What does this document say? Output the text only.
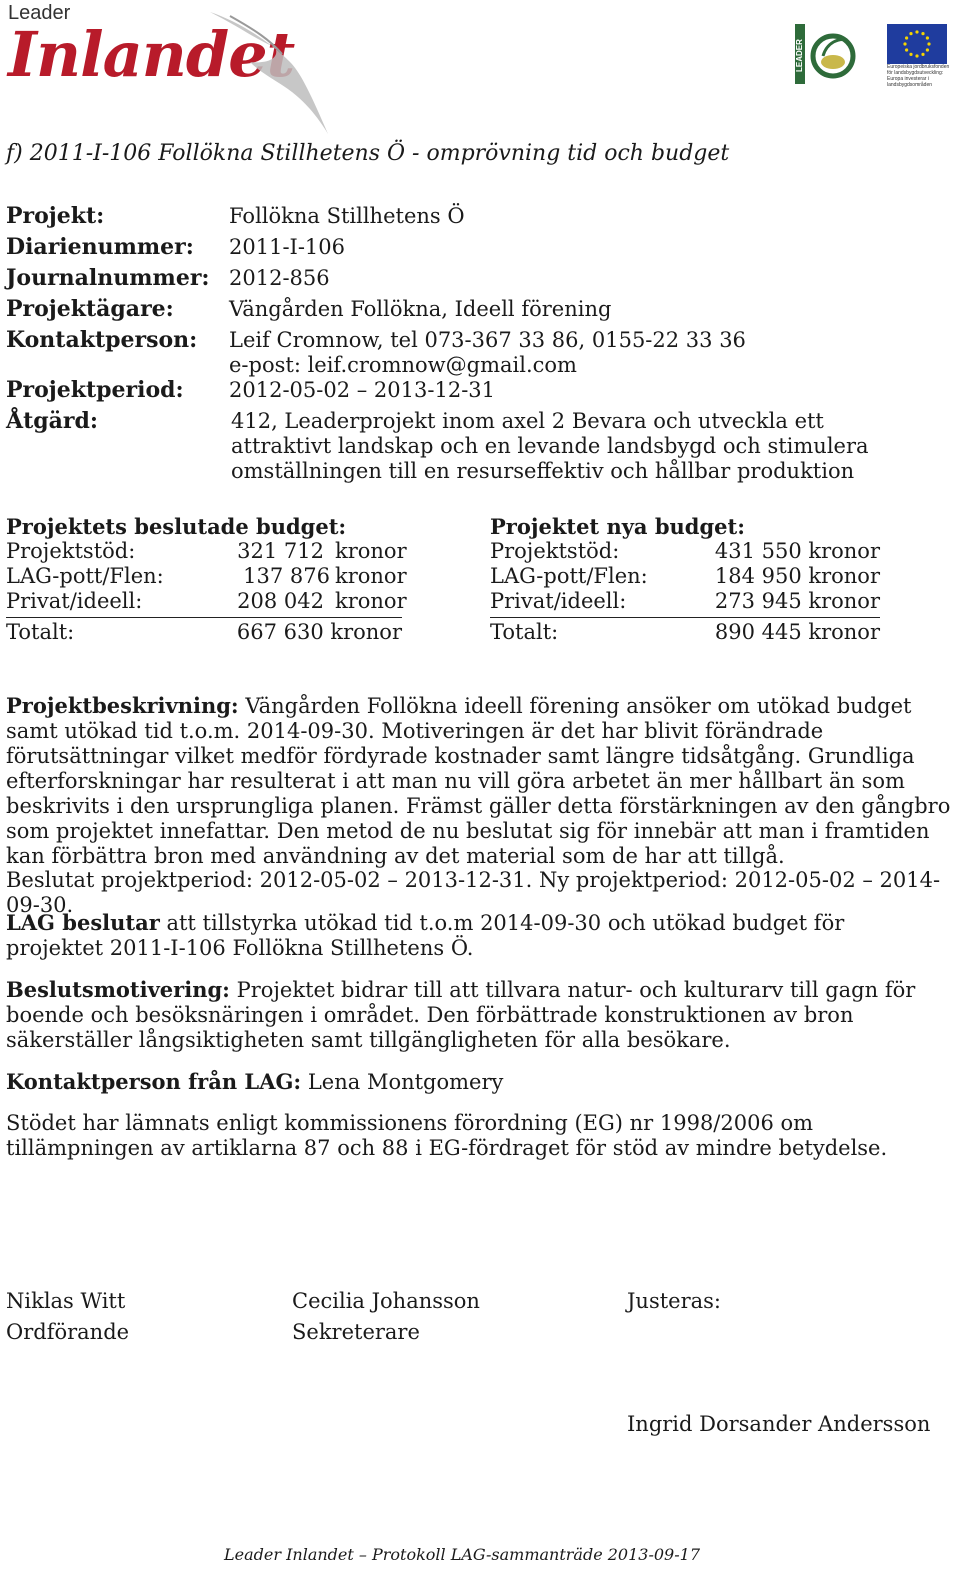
Leader
Inlandet	LEADER	Europeiska jordbruksfonden för landsbygdsutveckling: Europa investerar i landsbygdsområden
f) 2011-I-106 Follökna Stillhetens Ö - omprövning tid och budget
Projekt:	Follökna Stillhetens Ö
Diarienummer: 2011-I-106
Journalnummer: 2012-856
Projektägare:	Vängården Follökna, Ideell förening
Kontaktperson: Leif Cromnow, tel 073-367 33 86, 0155-22 33 36
e-post: leif.cromnow@gmail.com
Projektperiod: 2012-05-02 – 2013-12-31
Åtgärd:	412, Leaderprojekt inom axel 2 Bevara och utveckla ett
attraktivt landskap och en levande landsbygd och stimulera
omställningen till en resurseffektiv och hållbar produktion
Projektets beslutade budget:
Projektstöd:	321 712 kronor
LAG-pott/Flen:	137 876 kronor
Privat/ideell:	208 042 kronor
Totalt:	667 630 kronor
Projektet nya budget:
Projektstöd:	431 550 kronor
LAG-pott/Flen:	184 950 kronor
Privat/ideell:	273 945 kronor
Totalt:	890 445 kronor
Projektbeskrivning: Vängården Follökna ideell förening ansöker om utökad budget samt utökad tid t.o.m. 2014-09-30. Motiveringen är det har blivit förändrade förutsättningar vilket medför fördyrade kostnader samt längre tidsåtgång. Grundliga efterforskningar har resulterat i att man nu vill göra arbetet än mer hållbart än som beskrivits i den ursprungliga planen. Främst gäller detta förstärkningen av den gångbro som projektet innefattar. Den metod de nu beslutat sig för innebär att man i framtiden kan förbättra bron med användning av det material som de har att tillgå.
Beslutat projektperiod: 2012-05-02 – 2013-12-31. Ny projektperiod: 2012-05-02 – 2014-09-30.
LAG beslutar att tillstyrka utökad tid t.o.m 2014-09-30 och utökad budget för projektet 2011-I-106 Follökna Stillhetens Ö.
Beslutsmotivering: Projektet bidrar till att tillvara natur- och kulturarv till gagn för boende och besöksnäringen i området. Den förbättrade konstruktionen av bron säkerställer långsiktigheten samt tillgängligheten för alla besökare.
Kontaktperson från LAG: Lena Montgomery
Stödet har lämnats enligt kommissionens förordning (EG) nr 1998/2006 om tillämpningen av artiklarna 87 och 88 i EG-fördraget för stöd av mindre betydelse.
Niklas Witt
Ordförande
Cecilia Johansson
Sekreterare
Justeras:
Ingrid Dorsander Andersson
Leader Inlandet – Protokoll LAG-sammanträde 2013-09-17
